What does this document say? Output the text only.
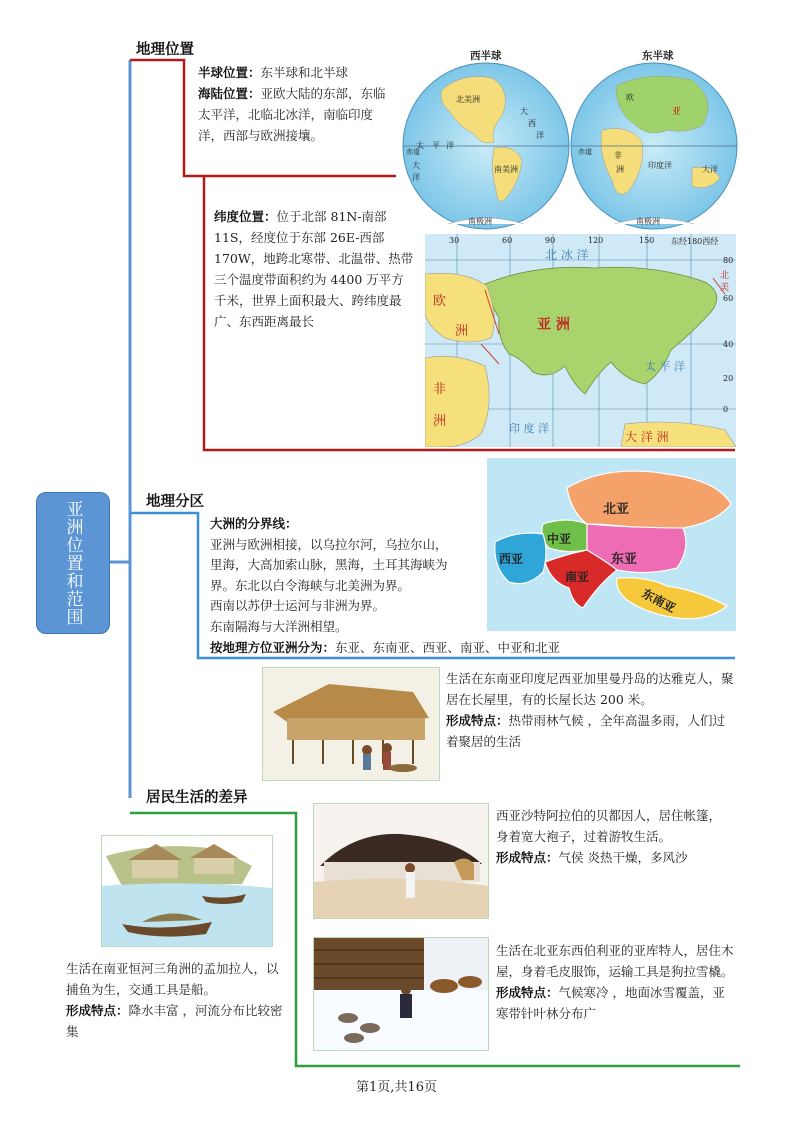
亚洲位置和范围
地理位置
半球位置：东半球和北半球
海陆位置：亚欧大陆的东部，东临太平洋，北临北冰洋，南临印度洋，西部与欧洲接壤。
纬度位置：位于北部 81N-南部 11S，经度位于东部 26E-西部 170W，地跨北寒带、北温带、热带三个温度带面积约为 4400 万平方千米，世界上面积最大、跨纬度最广、东西距离最长
西半球	东半球
北美洲
南美洲
南极洲
太 平 洋
大
西
洋
赤道
大
洋
亚
欧
非
洲	印度洋	大洋
南极洲
赤道
30	60	90	120	150 东经180西经
80
60
40
20
0
北 冰 洋
亚 洲
欧
洲
非
洲
太 平 洋
印 度 洋
大 洋 洲
北 美
地理分区
大洲的分界线：
亚洲与欧洲相接，以乌拉尔河，乌拉尔山，
里海，大高加索山脉，黑海，土耳其海峡为
界。东北以白令海峡与北美洲为界。
西南以苏伊士运河与非洲为界。
东南隔海与大洋洲相望。
按地理方位亚洲分为：东亚、东南亚、西亚、南亚、中亚和北亚
北亚
中亚
西亚	东亚
南亚
东南亚
居民生活的差异
生活在东南亚印度尼西亚加里曼丹岛的达雅克人，聚居在长屋里，有的长屋长达 200 米。
形成特点：热带雨林气候 ，全年高温多雨，人们过着聚居的生活
西亚沙特阿拉伯的贝都因人，居住帐篷，身着宽大袍子，过着游牧生活。
形成特点：气侯 炎热干燥，多风沙
生活在北亚东西伯利亚的亚库特人，居住木屋，身着毛皮服饰，运输工具是狗拉雪橇。
形成特点：气候寒冷 ，地面冰雪覆盖，亚寒带针叶林分布广
生活在南亚恒河三角洲的孟加拉人，以捕鱼为生，交通工具是船。
形成特点：降水丰富 ，河流分布比较密集
第1页,共16页
